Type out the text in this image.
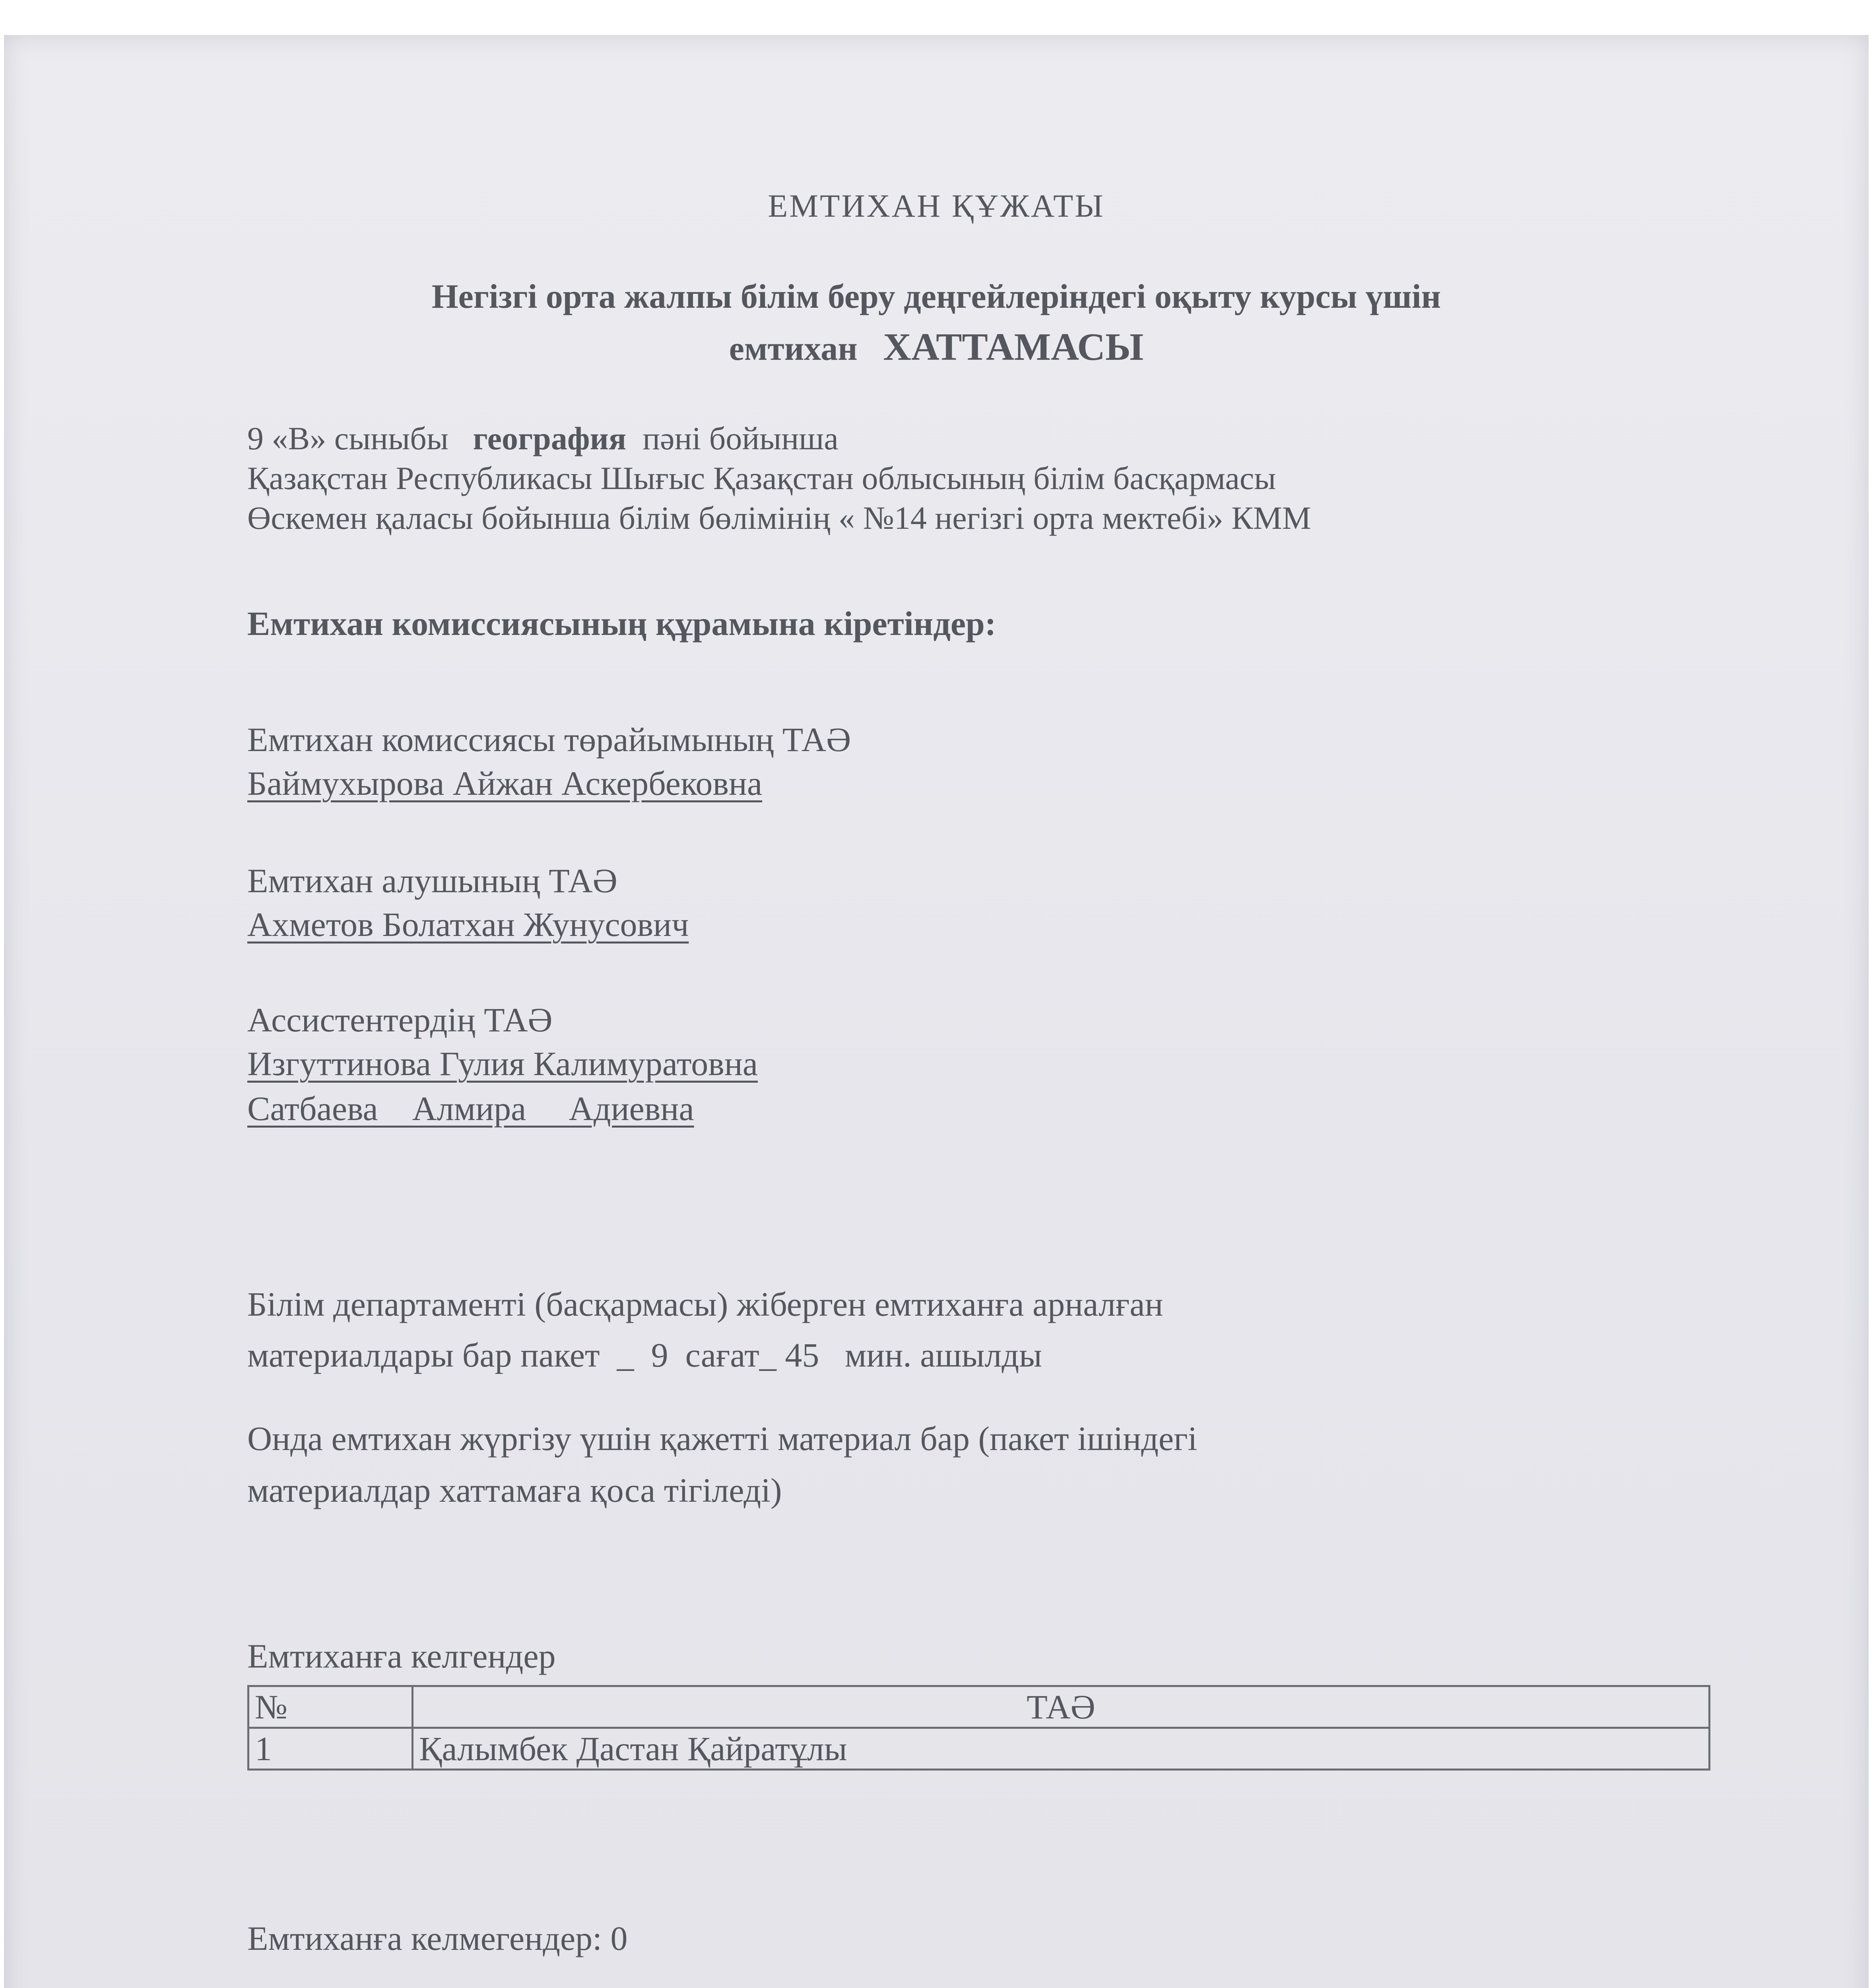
ЕМТИХАН ҚҰЖАТЫ
Негізгі орта жалпы білім беру деңгейлеріндегі оқыту курсы үшін
емтихан ХАТТАМАСЫ
9 «В» сыныбы география пәні бойынша
Қазақстан Республикасы Шығыс Қазақстан облысының білім басқармасы
Өскемен қаласы бойынша білім бөлімінің « №14 негізгі орта мектебі» КММ
Емтихан комиссиясының құрамына кіретіндер:
Емтихан комиссиясы төрайымының ТАӘ
Баймухырова Айжан Аскербековна
Емтихан алушының ТАӘ
Ахметов Болатхан Жунусович
Ассистентердің ТАӘ
Изгуттинова Гулия Калимуратовна
Сатбаева    Алмира     Адиевна
Білім департаменті (басқармасы) жіберген емтиханға арналған
материалдары бар пакет  _  9  сағат_ 45   мин. ашылды
Онда емтихан жүргізу үшін қажетті материал бар (пакет ішіндегі
материалдар хаттамаға қоса тігіледі)
Емтиханға келгендер
№	ТАӘ
1	Қалымбек Дастан Қайратұлы
Емтиханға келмегендер: 0
